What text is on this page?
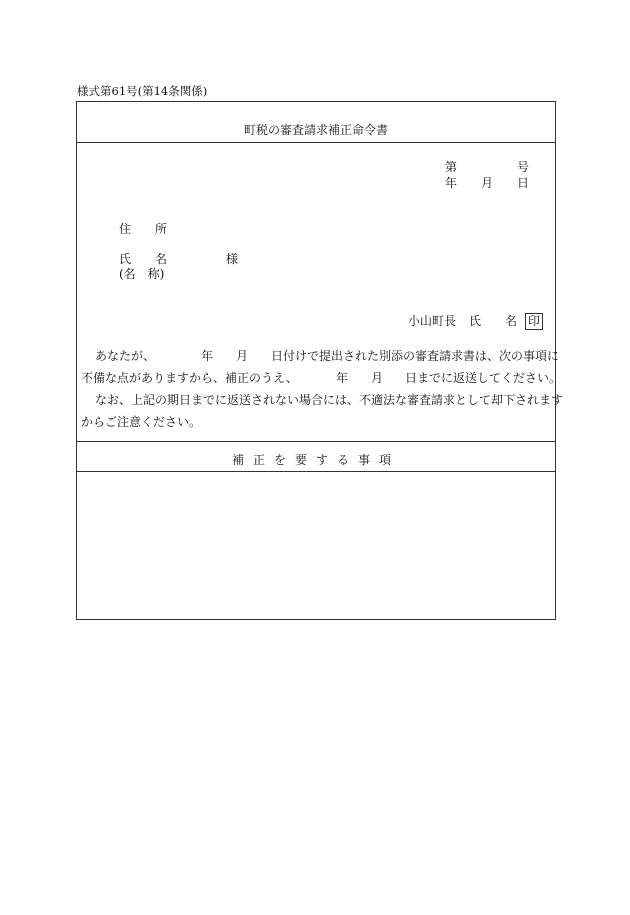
様式第61号(第14条関係)
町税の審査請求補正命令書
第	号
年 月 日
住　　所
氏　　名	様
(名　称)
小山町長 氏　　名 印
あなたが、	年 月 日付けで提出された別添の審査請求書は、次の事項に
不備な点がありますから、補正のうえ、	年 月 日までに返送してください。
なお、上記の期日までに返送されない場合には、不適法な審査請求として却下されます
からご注意ください。
補正を要する事項
